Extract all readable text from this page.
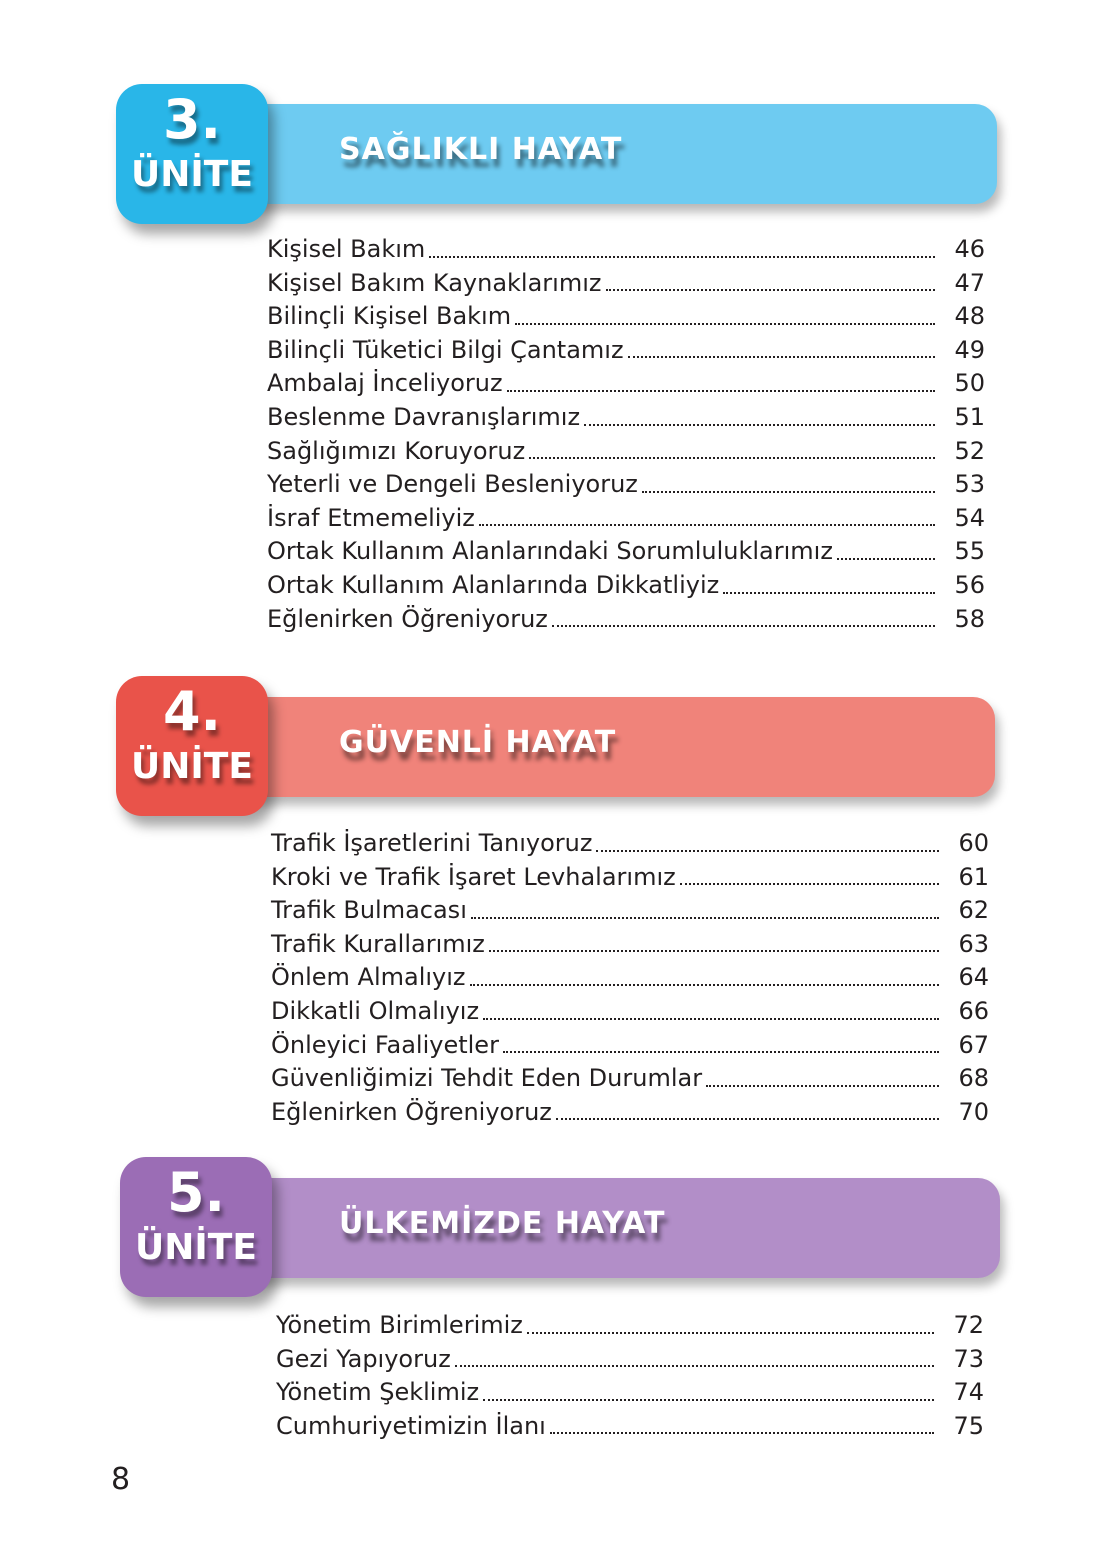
SAĞLIKLI HAYAT
3.
ÜNİTE
Kişisel Bakım	46
Kişisel Bakım Kaynaklarımız	47
Bilinçli Kişisel Bakım	48
Bilinçli Tüketici Bilgi Çantamız	49
Ambalaj İnceliyoruz	50
Beslenme Davranışlarımız	51
Sağlığımızı Koruyoruz	52
Yeterli ve Dengeli Besleniyoruz	53
İsraf Etmemeliyiz	54
Ortak Kullanım Alanlarındaki Sorumluluklarımız	55
Ortak Kullanım Alanlarında Dikkatliyiz	56
Eğlenirken Öğreniyoruz	58
GÜVENLİ HAYAT
4.
ÜNİTE
Trafik İşaretlerini Tanıyoruz	60
Kroki ve Trafik İşaret Levhalarımız	61
Trafik Bulmacası	62
Trafik Kurallarımız	63
Önlem Almalıyız	64
Dikkatli Olmalıyız	66
Önleyici Faaliyetler	67
Güvenliğimizi Tehdit Eden Durumlar	68
Eğlenirken Öğreniyoruz	70
ÜLKEMİZDE HAYAT
5.
ÜNİTE
Yönetim Birimlerimiz	72
Gezi Yapıyoruz	73
Yönetim Şeklimiz	74
Cumhuriyetimizin İlanı	75
8
